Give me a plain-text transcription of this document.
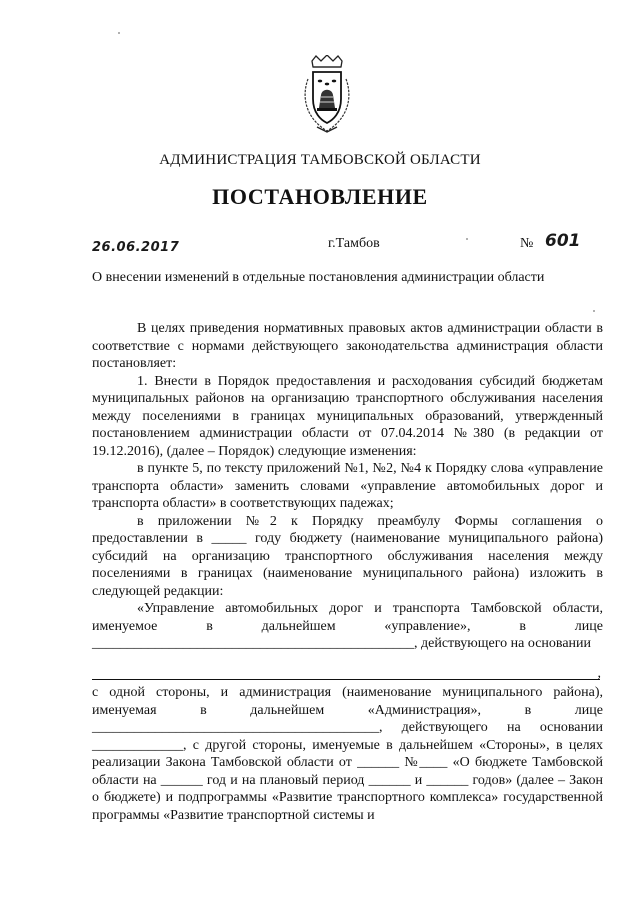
АДМИНИСТРАЦИЯ ТАМБОВСКОЙ ОБЛАСТИ
ПОСТАНОВЛЕНИЕ
26.06.2017	г.Тамбов	№ 601
О внесении изменений в отдельные постановления администрации области

В целях приведения нормативных правовых актов администрации области в соответствие с нормами действующего законодательства администрация области постановляет:

1. Внести в Порядок предоставления и расходования субсидий бюджетам муниципальных районов на организацию транспортного обслуживания населения между поселениями в границах муниципальных образований, утвержденный постановлением администрации области от 07.04.2014 №380 (в редакции от 19.12.2016), (далее – Порядок) следующие изменения:

в пункте 5, по тексту приложений №1, №2, №4 к Порядку слова «управление транспорта области» заменить словами «управление автомобильных дорог и транспорта области» в соответствующих падежах;

в приложении №2 к Порядку преамбулу Формы соглашения о предоставлении в _____ году бюджету (наименование муниципального района) субсидий на организацию транспортного обслуживания населения между поселениями в границах (наименование муниципального района) изложить в следующей редакции:

«Управление автомобильных дорог и транспорта Тамбовской области, именуемое в дальнейшем «управление», в лице ______________________________________________, действующего на основании

,

с одной стороны, и администрация (наименование муниципального района), именуемая в дальнейшем «Администрация», в лице _________________________________________, действующего на основании _____________, с другой стороны, именуемые в дальнейшем «Стороны», в целях реализации Закона Тамбовской области от ______ №____ «О бюджете Тамбовской области на ______ год и на плановый период ______ и ______ годов» (далее – Закон о бюджете) и подпрограммы «Развитие транспортного комплекса» государственной программы «Развитие транспортной системы и
